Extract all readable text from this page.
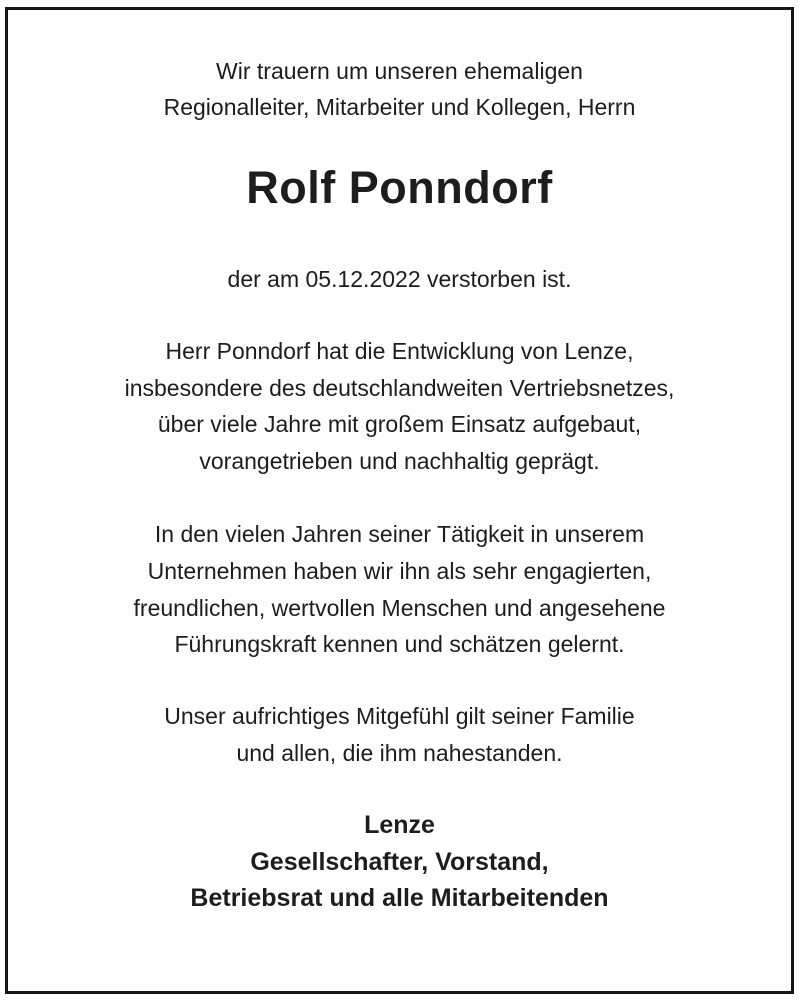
Wir trauern um unseren ehemaligen
Regionalleiter, Mitarbeiter und Kollegen, Herrn
Rolf Ponndorf
der am 05.12.2022 verstorben ist.
Herr Ponndorf hat die Entwicklung von Lenze,
insbesondere des deutschlandweiten Vertriebsnetzes,
über viele Jahre mit großem Einsatz aufgebaut,
vorangetrieben und nachhaltig geprägt.
In den vielen Jahren seiner Tätigkeit in unserem
Unternehmen haben wir ihn als sehr engagierten,
freundlichen, wertvollen Menschen und angesehene
Führungskraft kennen und schätzen gelernt.
Unser aufrichtiges Mitgefühl gilt seiner Familie
und allen, die ihm nahestanden.
Lenze
Gesellschafter, Vorstand,
Betriebsrat und alle Mitarbeitenden
